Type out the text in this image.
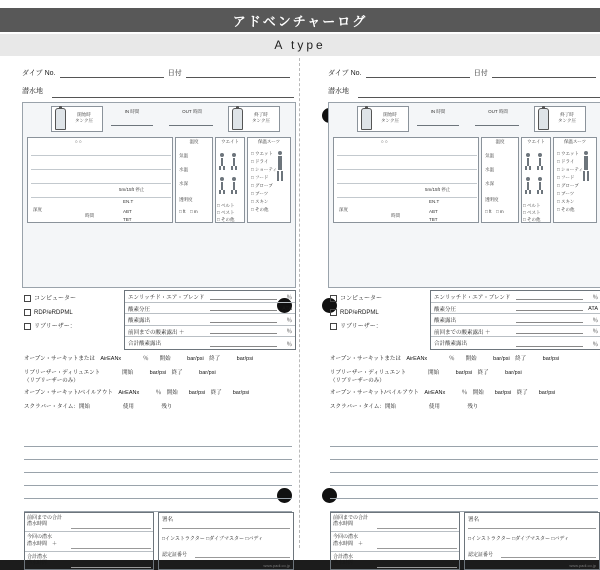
アドベンチャーログ
A type
ダイブ No.	日付
潜水地
開始時
タンク圧
IN 時間	OUT 時間
終了時
タンク圧
○ ○
5m/15ft 停止
深度
時間
EN.T
ABT
TBT
温度
気温
水温
水深
透明度
□ ft　□ m
ウエイト
□ ベルト
□ ベスト
□ その他
保温スーツ
□ ウエット
□ ドライ
□ ショーティ
□ フード
□ グローブ
□ ブーツ
□ スキン
□ その他
コンピューター
RDP/eRDPML
リブリーザー：
エンリッチド・エア・ブレンド	％
酸素分圧	ATA
酸素露出	％
前回までの酸素露出 ＋	％
合計酸素露出	％
オープン・サーキットまたは　AirEANx　　　　％　　開始　　　bar/psi　終了　　　bar/psi
リブリーザー・ディリュエント　　　　開始　　　bar/psi　終了　　　bar/psi
（リブリーザーのみ）
オープン・サーキット/ベイルアウト　AirEANx　　　％　開始　　bar/psi　終了　　bar/psi
スクラバー・タイム：開始　　　　　　使用　　　　　残り
前回までの合計
潜水時間
今回の潜水
潜水時間　＋
合計潜水
潜水時間
署名
□インストラクター □ダイブマスター □バディ
認定証番号
www.padi.co.jp
ダイブ No.	日付
潜水地
開始時
タンク圧
IN 時間	OUT 時間
終了時
タンク圧
○ ○
5m/15ft 停止
深度
時間
EN.T
ABT
TBT
温度
気温
水温
水深
透明度
□ ft　□ m
ウエイト
□ ベルト
□ ベスト
□ その他
保温スーツ
□ ウエット
□ ドライ
□ ショーティ
□ フード
□ グローブ
□ ブーツ
□ スキン
□ その他
コンピューター
RDP/eRDPML
リブリーザー：
エンリッチド・エア・ブレンド	％
酸素分圧	ATA
酸素露出	％
前回までの酸素露出 ＋	％
合計酸素露出	％
オープン・サーキットまたは　AirEANx　　　　％　　開始　　　bar/psi　終了　　　bar/psi
リブリーザー・ディリュエント　　　　開始　　　bar/psi　終了　　　bar/psi
（リブリーザーのみ）
オープン・サーキット/ベイルアウト　AirEANx　　　％　開始　　bar/psi　終了　　bar/psi
スクラバー・タイム：開始　　　　　　使用　　　　　残り
前回までの合計
潜水時間
今回の潜水
潜水時間　＋
合計潜水
潜水時間
署名
□インストラクター □ダイブマスター □バディ
認定証番号
www.padi.co.jp
